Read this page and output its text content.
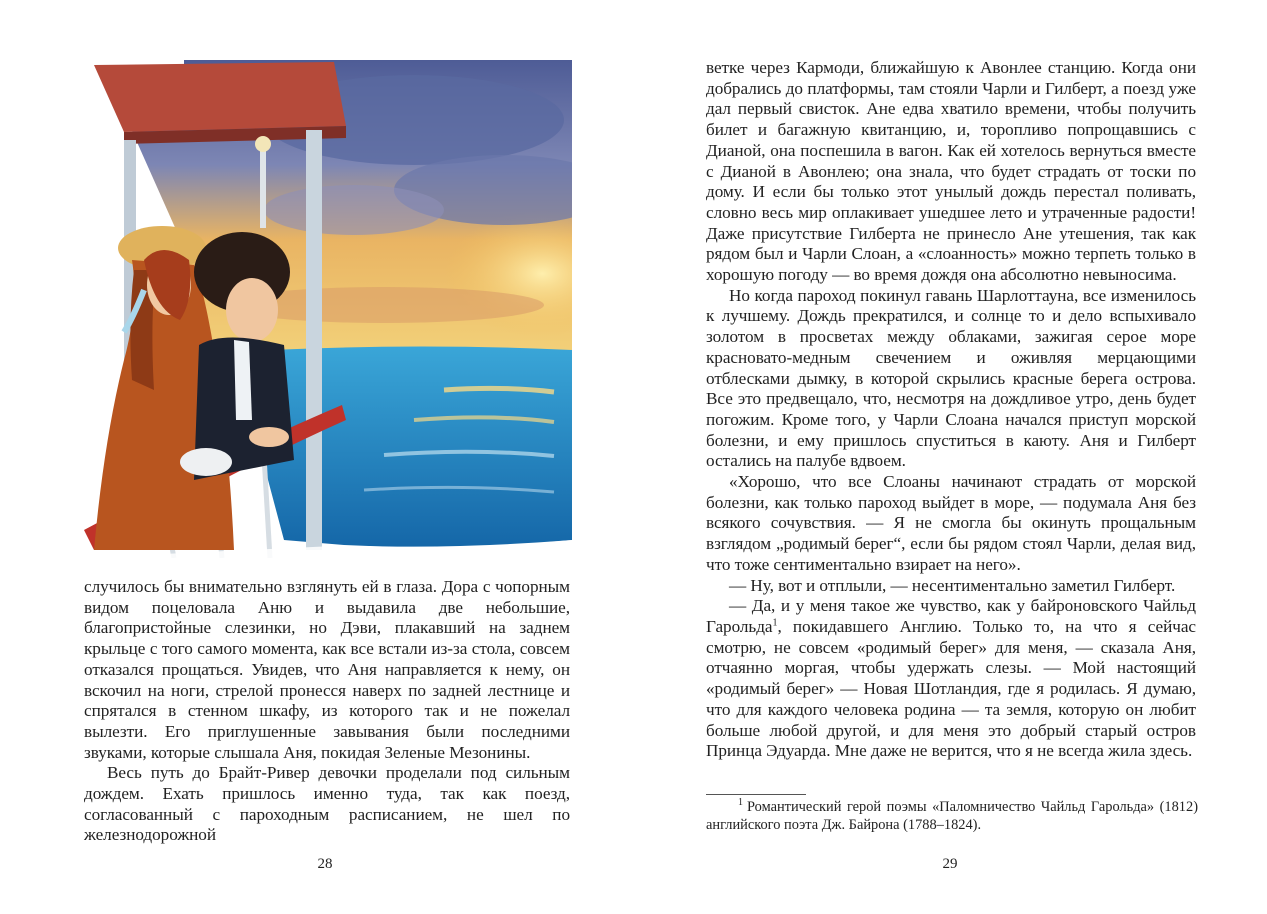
случилось бы внимательно взглянуть ей в глаза. Дора с чопорным видом поцеловала Аню и выдавила две небольшие, благопристойные слезинки, но Дэви, плакавший на заднем крыльце с того самого момента, как все встали из-за стола, совсем отказался прощаться. Увидев, что Аня направляется к нему, он вскочил на ноги, стрелой пронесся наверх по задней лестнице и спрятался в стенном шкафу, из которого так и не пожелал вылезти. Его приглушенные завывания были последними звуками, которые слышала Аня, покидая Зеленые Мезонины.

Весь путь до Брайт-Ривер девочки проделали под сильным дождем. Ехать пришлось именно туда, так как поезд, согласованный с пароходным расписанием, не шел по железнодорожной

28

ветке через Кармоди, ближайшую к Авонлее станцию. Когда они добрались до платформы, там стояли Чарли и Гилберт, а поезд уже дал первый свисток. Ане едва хватило времени, чтобы получить билет и багажную квитанцию, и, торопливо попрощавшись с Дианой, она поспешила в вагон. Как ей хотелось вернуться вместе с Дианой в Авонлею; она знала, что будет страдать от тоски по дому. И если бы только этот унылый дождь перестал поливать, словно весь мир оплакивает ушедшее лето и утраченные радости! Даже присутствие Гилберта не принесло Ане утешения, так как рядом был и Чарли Слоан, а «слоанность» можно терпеть только в хорошую погоду — во время дождя она абсолютно невыносима.

Но когда пароход покинул гавань Шарлоттауна, все изменилось к лучшему. Дождь прекратился, и солнце то и дело вспыхивало золотом в просветах между облаками, зажигая серое море красновато-медным свечением и оживляя мерцающими отблесками дымку, в которой скрылись красные берега острова. Все это предвещало, что, несмотря на дождливое утро, день будет погожим. Кроме того, у Чарли Слоана начался приступ морской болезни, и ему пришлось спуститься в каюту. Аня и Гилберт остались на палубе вдвоем.

«Хорошо, что все Слоаны начинают страдать от морской болезни, как только пароход выйдет в море, — подумала Аня без всякого сочувствия. — Я не смогла бы окинуть прощальным взглядом „родимый берег“, если бы рядом стоял Чарли, делая вид, что тоже сентиментально взирает на него».

— Ну, вот и отплыли, — несентиментально заметил Гилберт.

— Да, и у меня такое же чувство, как у байроновского Чайльд Гарольда$^1$, покидавшего Англию. Только то, на что я сейчас смотрю, не совсем «родимый берег» для меня, — сказала Аня, отчаянно моргая, чтобы удержать слезы. — Мой настоящий «родимый берег» — Новая Шотландия, где я родилась. Я думаю, что для каждого человека родина — та земля, которую он любит больше любой другой, и для меня это добрый старый остров Принца Эдуарда. Мне даже не верится, что я не всегда жила здесь.

$^1$ Романтический герой поэмы «Паломничество Чайльд Гарольда» (1812) английского поэта Дж. Байрона (1788–1824).
29
